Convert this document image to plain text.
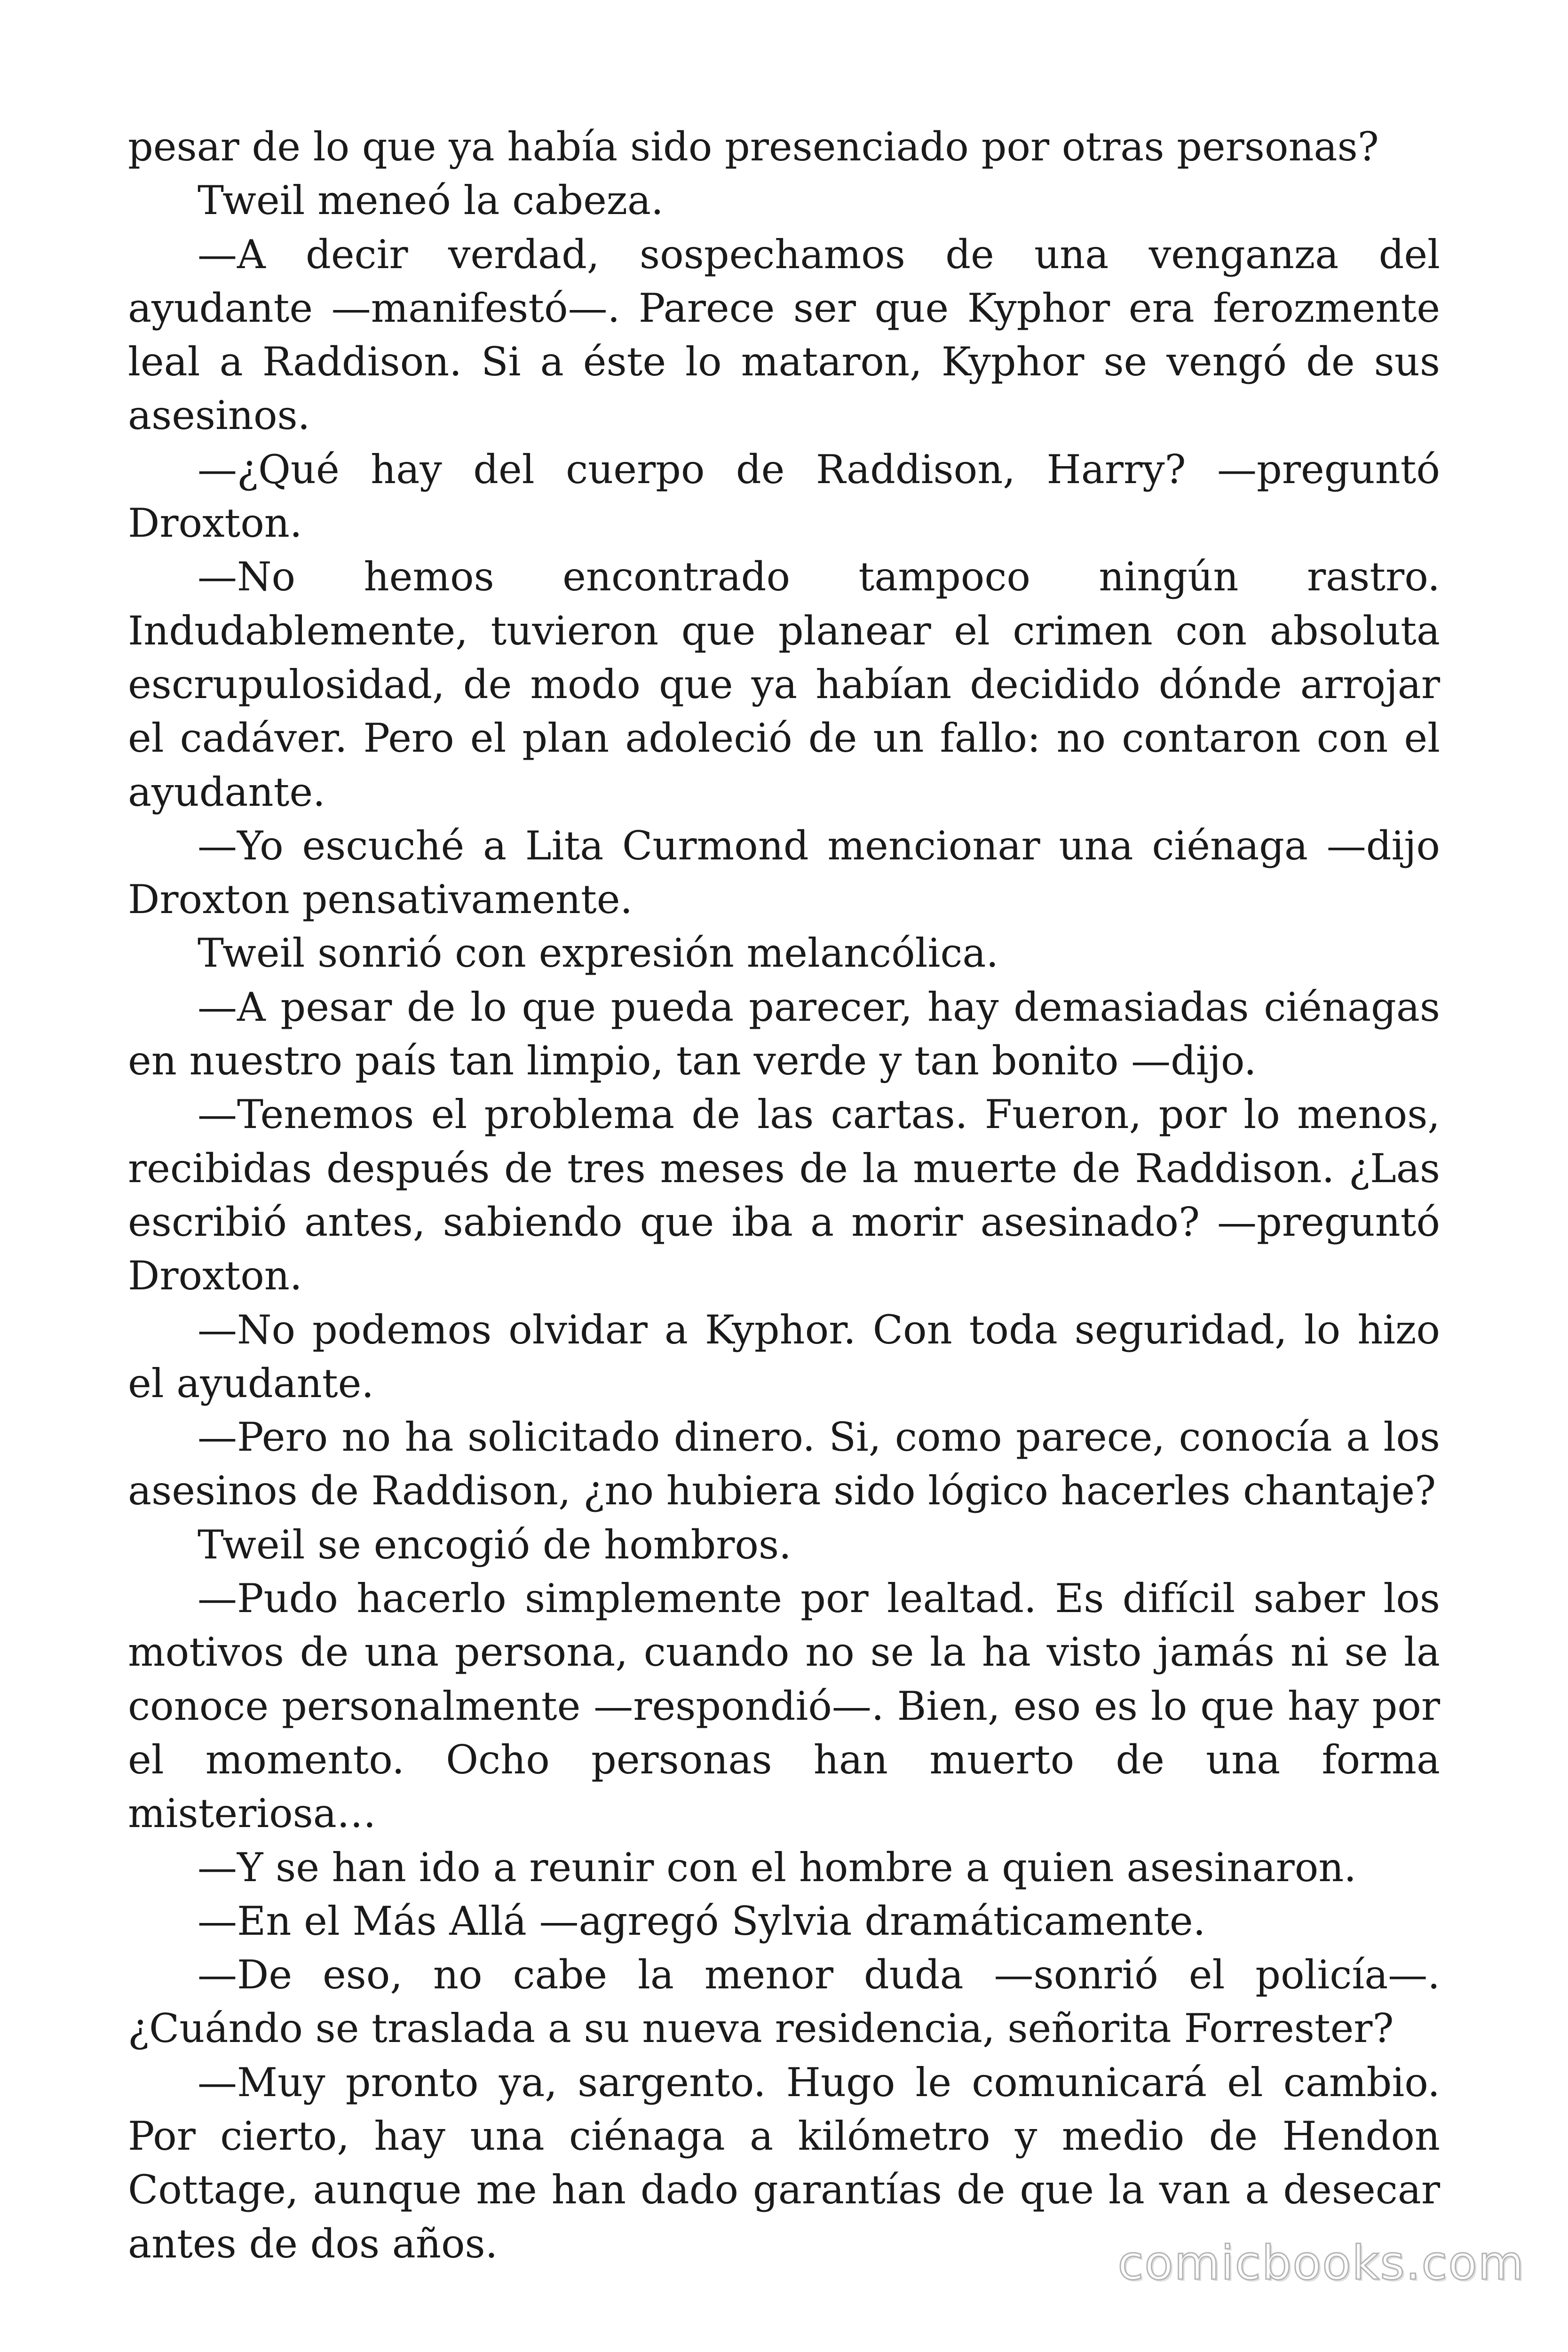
pesar de lo que ya había sido presenciado por otras personas?

Tweil meneó la cabeza.

—A decir verdad, sospechamos de una venganza del ayudante —manifestó—. Parece ser que Kyphor era ferozmente leal a Raddison. Si a éste lo mataron, Kyphor se vengó de sus asesinos.

—¿Qué hay del cuerpo de Raddison, Harry? —preguntó Droxton.

—No hemos encontrado tampoco ningún rastro. Indudablemente, tuvieron que planear el crimen con absoluta escrupulosidad, de modo que ya habían decidido dónde arrojar el cadáver. Pero el plan adoleció de un fallo: no contaron con el ayudante.

—Yo escuché a Lita Curmond mencionar una ciénaga —dijo Droxton pensativamente.

Tweil sonrió con expresión melancólica.

—A pesar de lo que pueda parecer, hay demasiadas ciénagas en nuestro país tan limpio, tan verde y tan bonito —dijo.

—Tenemos el problema de las cartas. Fueron, por lo menos, recibidas después de tres meses de la muerte de Raddison. ¿Las escribió antes, sabiendo que iba a morir asesinado? —preguntó Droxton.

—No podemos olvidar a Kyphor. Con toda seguridad, lo hizo el ayudante.

—Pero no ha solicitado dinero. Si, como parece, conocía a los asesinos de Raddison, ¿no hubiera sido lógico hacerles chantaje?

Tweil se encogió de hombros.

—Pudo hacerlo simplemente por lealtad. Es difícil saber los motivos de una persona, cuando no se la ha visto jamás ni se la conoce personalmente —respondió—. Bien, eso es lo que hay por el momento. Ocho personas han muerto de una forma misteriosa…

—Y se han ido a reunir con el hombre a quien asesinaron.

—En el Más Allá —agregó Sylvia dramáticamente.

—De eso, no cabe la menor duda —sonrió el policía—. ¿Cuándo se traslada a su nueva residencia, señorita Forrester?

—Muy pronto ya, sargento. Hugo le comunicará el cambio. Por cierto, hay una ciénaga a kilómetro y medio de Hendon Cottage, aunque me han dado garantías de que la van a desecar antes de dos años.	comicbooks.com
